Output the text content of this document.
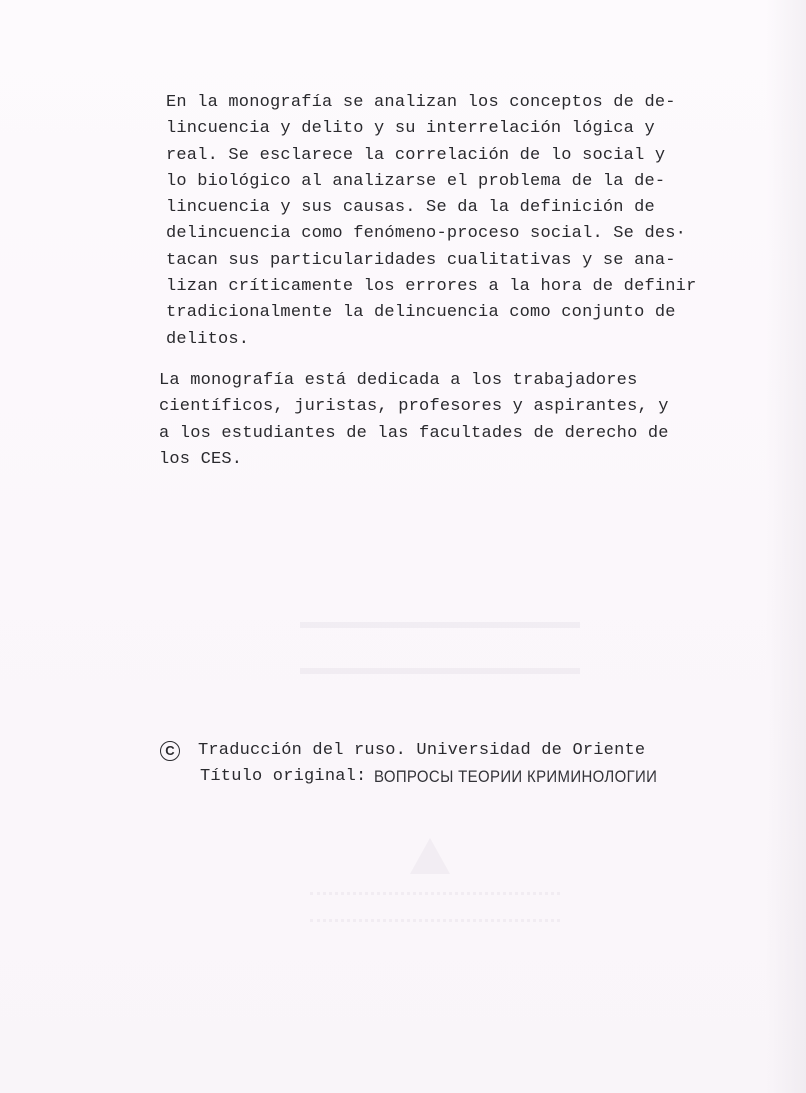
En la monografía se analizan los conceptos de de-
lincuencia y delito y su interrelación lógica y
real. Se esclarece la correlación de lo social y
lo biológico al analizarse el problema de la de-
lincuencia y sus causas. Se da la definición de
delincuencia como fenómeno-proceso social. Se des·
tacan sus particularidades cualitativas y se ana-
lizan críticamente los errores a la hora de definir
tradicionalmente la delincuencia como conjunto de
delitos.
La monografía está dedicada a los trabajadores
científicos, juristas, profesores y aspirantes, y
a los estudiantes de las facultades de derecho de
los CES.
C	Traducción del ruso. Universidad de Oriente
Título original: ВОПРОСЫ ТЕОРИИ КРИМИНОЛОГИИ
